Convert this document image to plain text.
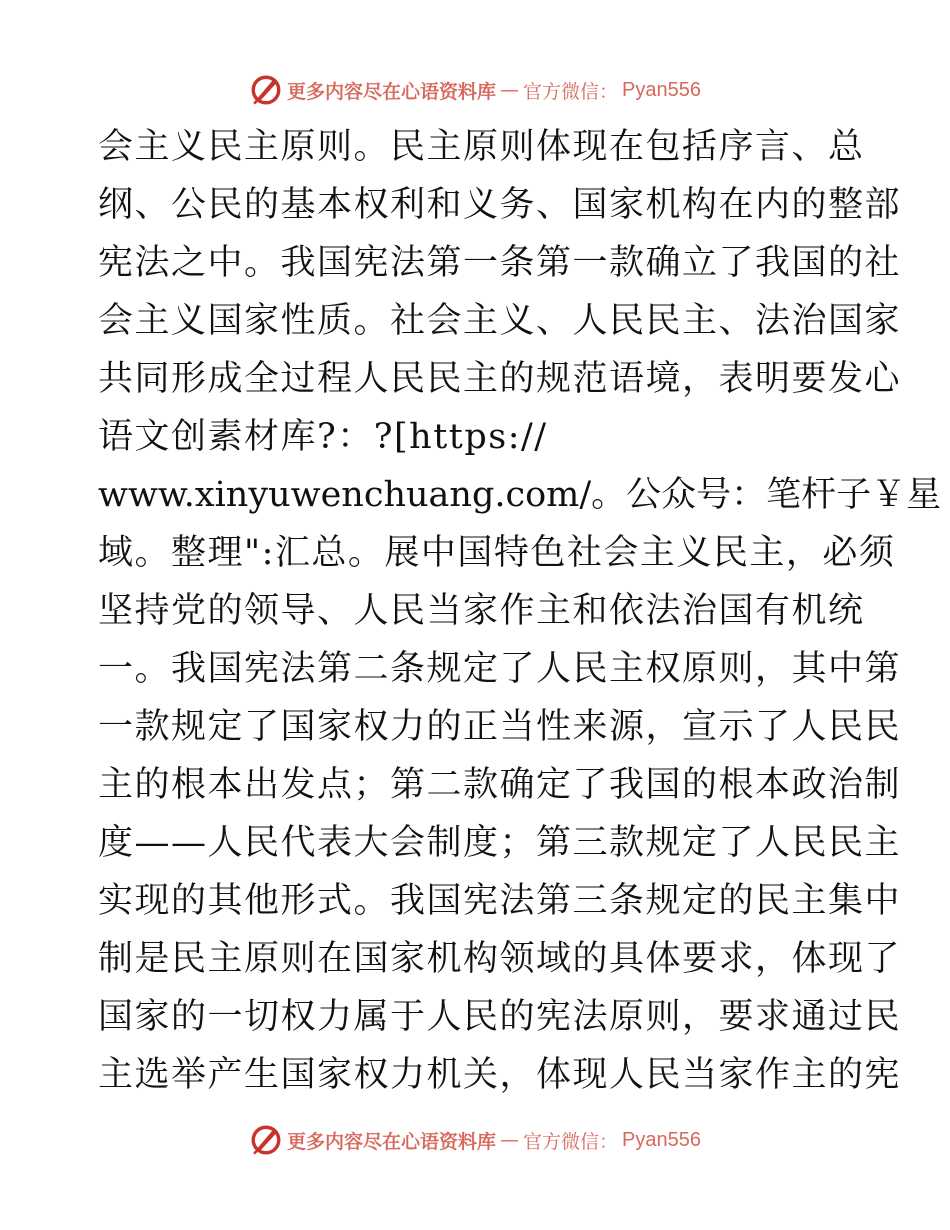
更多内容尽在心语资料库 — 官方微信： Pyan556
会主义民主原则。民主原则体现在包括序言、总
纲、公民的基本权利和义务、国家机构在内的整部
宪法之中。我国宪法第一条第一款确立了我国的社
会主义国家性质。社会主义、人民民主、法治国家
共同形成全过程人民民主的规范语境，表明要发心
语文创素材库?：?[https://
www.xinyuwenchuang.com/。公众号：笔杆子￥星
域。整理":汇总。展中国特色社会主义民主，必须
坚持党的领导、人民当家作主和依法治国有机统
一。我国宪法第二条规定了人民主权原则，其中第
一款规定了国家权力的正当性来源，宣示了人民民
主的根本出发点；第二款确定了我国的根本政治制
度——人民代表大会制度；第三款规定了人民民主
实现的其他形式。我国宪法第三条规定的民主集中
制是民主原则在国家机构领域的具体要求，体现了
国家的一切权力属于人民的宪法原则，要求通过民
主选举产生国家权力机关，体现人民当家作主的宪
更多内容尽在心语资料库 — 官方微信： Pyan556
